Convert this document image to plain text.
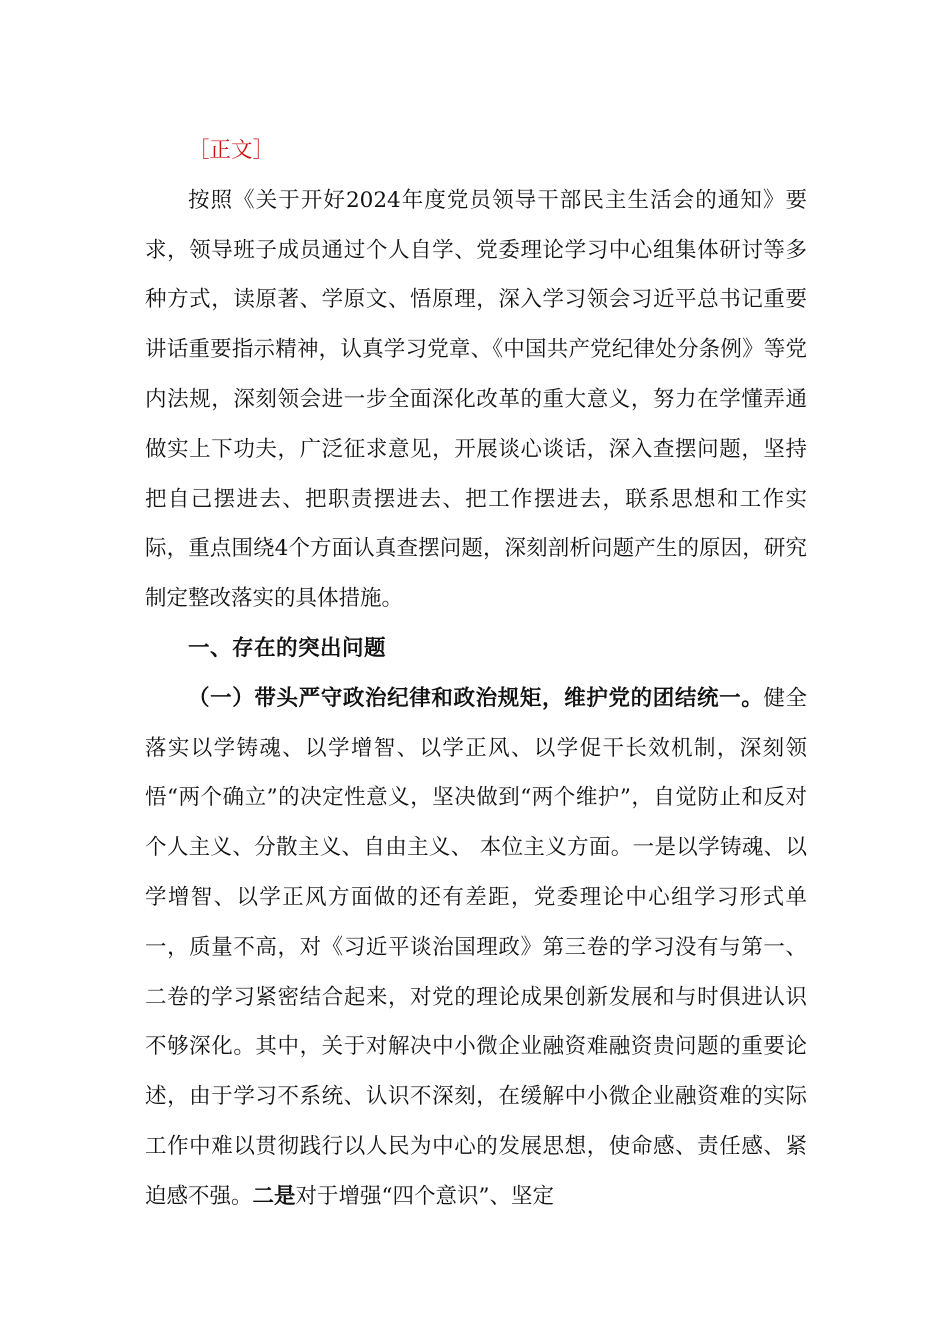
［正文］

按照《关于开好2024年度党员领导干部民主生活会的通知》要求，领导班子成员通过个人自学、党委理论学习中心组集体研讨等多种方式，读原著、学原文、悟原理，深入学习领会习近平总书记重要讲话重要指示精神，认真学习党章、《中国共产党纪律处分条例》等党内法规，深刻领会进一步全面深化改革的重大意义，努力在学懂弄通做实上下功夫，广泛征求意见，开展谈心谈话，深入查摆问题，坚持把自己摆进去、把职责摆进去、把工作摆进去，联系思想和工作实际，重点围绕4个方面认真查摆问题，深刻剖析问题产生的原因，研究制定整改落实的具体措施。

一、存在的突出问题

（一）带头严守政治纪律和政治规矩，维护党的团结统一。健全落实以学铸魂、以学增智、以学正风、以学促干长效机制，深刻领悟“两个确立”的决定性意义，坚决做到“两个维护”，自觉防止和反对个人主义、分散主义、自由主义、 本位主义方面。一是以学铸魂、以学增智、以学正风方面做的还有差距，党委理论中心组学习形式单一，质量不高，对《习近平谈治国理政》第三卷的学习没有与第一、二卷的学习紧密结合起来，对党的理论成果创新发展和与时俱进认识不够深化。其中，关于对解决中小微企业融资难融资贵问题的重要论述，由于学习不系统、认识不深刻，在缓解中小微企业融资难的实际工作中难以贯彻践行以人民为中心的发展思想，使命感、责任感、紧迫感不强。二是对于增强“四个意识”、坚定
